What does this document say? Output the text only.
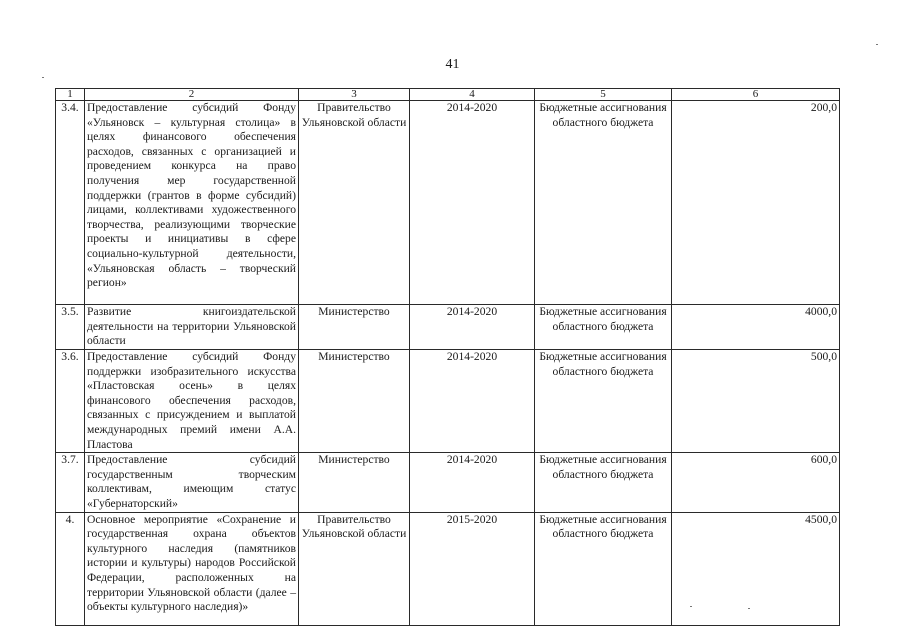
41
1	2	3	4	5	6
3.4.	Предоставление субсидий Фонду «Ульяновск – культурная столица» в целях финансового обеспечения расходов, связанных с организацией и проведением конкурса на право получения мер государственной поддержки (грантов в форме субсидий) лицами, коллективами художественного творчества, реализующими творческие проекты и инициативы в сфере социально-культурной деятельности, «Ульяновская область – творческий регион»	Правительство Ульяновской области	2014-2020	Бюджетные ассигнования областного бюджета	200,0
3.5.	Развитие книгоиздательской деятельности на территории Ульяновской области	Министерство	2014-2020	Бюджетные ассигнования областного бюджета	4000,0
3.6.	Предоставление субсидий Фонду поддержки изобразительного искусства «Пластовская осень» в целях финансового обеспечения расходов, связанных с присуждением и выплатой международных премий имени А.А. Пластова	Министерство	2014-2020	Бюджетные ассигнования областного бюджета	500,0
3.7.	Предоставление субсидий государственным творческим коллективам, имеющим статус «Губернаторский»	Министерство	2014-2020	Бюджетные ассигнования областного бюджета	600,0
4.	Основное мероприятие «Сохранение и государственная охрана объектов культурного наследия (памятников истории и культуры) народов Российской Федерации, расположенных на территории Ульяновской области (далее – объекты культурного наследия)»	Правительство Ульяновской области	2015-2020	Бюджетные ассигнования областного бюджета	4500,0
